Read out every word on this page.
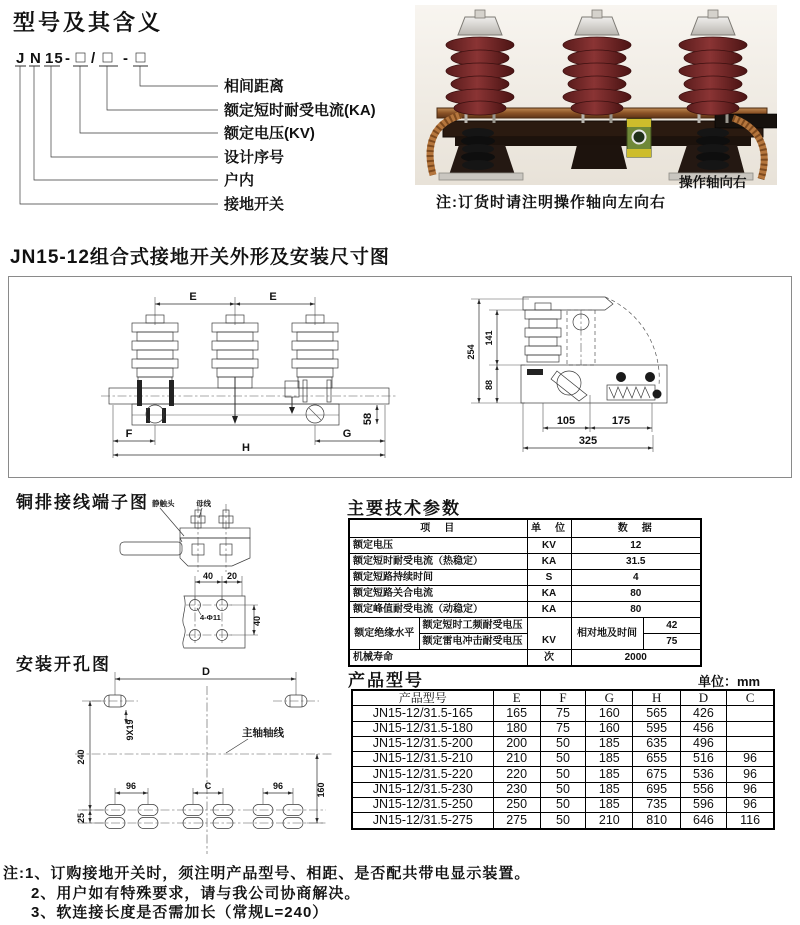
型号及其含义
J N 15 - / -
相间距离
额定短时耐受电流(KA)
额定电压(KV)
设计序号
户内
接地开关
操作轴向右
注:订货时请注明操作轴向左向右
JN15-12组合式接地开关外形及安装尺寸图
E	E
F	G
H
58
254
141
88
105	175
325
铜排接线端子图 静触头	母线
40 20
4-Φ11	40
主要技术参数
项　目		单　位	数　据	
额定电压		KV	12	
额定短时耐受电流（热稳定）		KA	31.5	
额定短路持续时间		S	4	
额定短路关合电流		KA	80	
额定峰值耐受电流（动稳定）		KA	80	
额定绝缘水平	额定短时工频耐受电压	KV	相对地及时间	42
	额定雷电冲击耐受电压			75
机械寿命		次	2000	
安装开孔图	D
9X19
240
主轴轴线
96	C	96	160
25
产品型号	单位：mm
产品型号	E	F	G	H	D	C
JN15-12/31.5-165	165	75	160	565	426	
JN15-12/31.5-180	180	75	160	595	456	
JN15-12/31.5-200	200	50	185	635	496	
JN15-12/31.5-210	210	50	185	655	516	96
JN15-12/31.5-220	220	50	185	675	536	96
JN15-12/31.5-230	230	50	185	695	556	96
JN15-12/31.5-250	250	50	185	735	596	96
JN15-12/31.5-275	275	50	210	810	646	116
注:1、订购接地开关时，须注明产品型号、相距、是否配共带电显示装置。
2、用户如有特殊要求，请与我公司协商解决。
3、软连接长度是否需加长（常规L=240）
